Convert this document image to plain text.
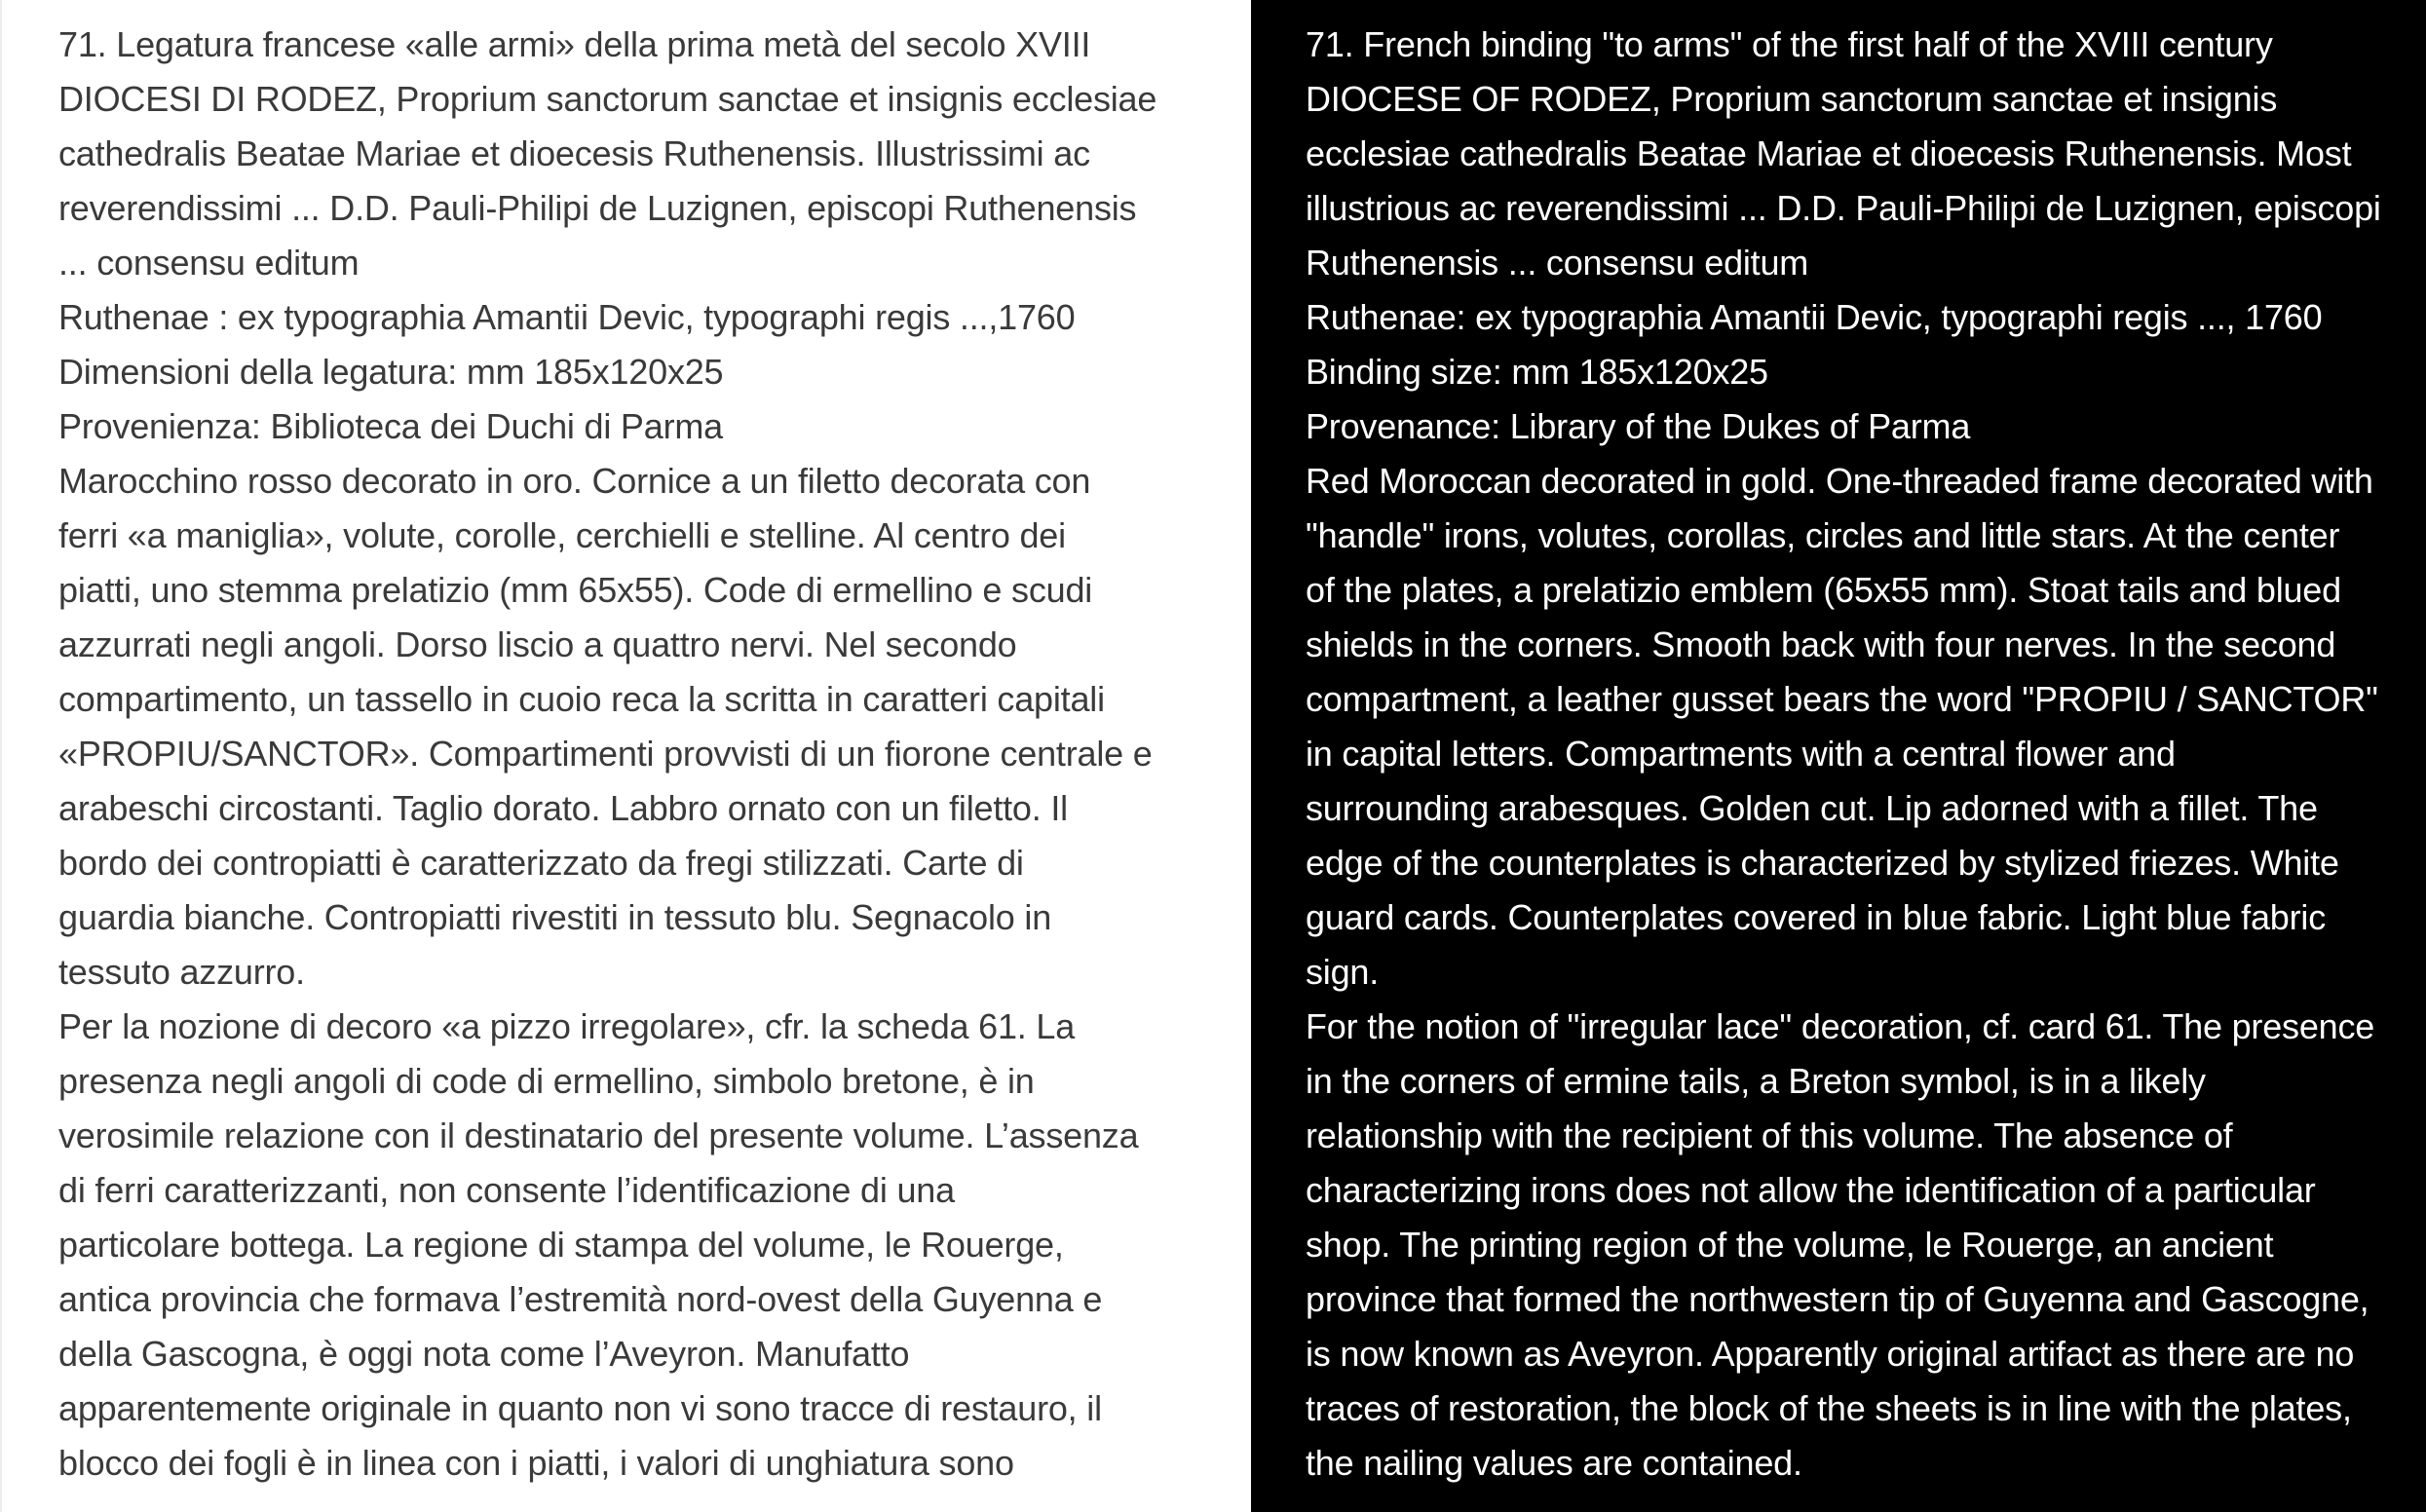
71. Legatura francese «alle armi» della prima metà del secolo XVIII
DIOCESI DI RODEZ, Proprium sanctorum sanctae et insignis ecclesiae
cathedralis Beatae Mariae et dioecesis Ruthenensis. Illustrissimi ac
reverendissimi ... D.D. Pauli-Philipi de Luzignen, episcopi Ruthenensis
... consensu editum
Ruthenae : ex typographia Amantii Devic, typographi regis ...,1760
Dimensioni della legatura: mm 185x120x25
Provenienza: Biblioteca dei Duchi di Parma
Marocchino rosso decorato in oro. Cornice a un filetto decorata con
ferri «a maniglia», volute, corolle, cerchielli e stelline. Al centro dei
piatti, uno stemma prelatizio (mm 65x55). Code di ermellino e scudi
azzurrati negli angoli. Dorso liscio a quattro nervi. Nel secondo
compartimento, un tassello in cuoio reca la scritta in caratteri capitali
«PROPIU/SANCTOR». Compartimenti provvisti di un fiorone centrale e
arabeschi circostanti. Taglio dorato. Labbro ornato con un filetto. Il
bordo dei contropiatti è caratterizzato da fregi stilizzati. Carte di
guardia bianche. Contropiatti rivestiti in tessuto blu. Segnacolo in
tessuto azzurro.
Per la nozione di decoro «a pizzo irregolare», cfr. la scheda 61. La
presenza negli angoli di code di ermellino, simbolo bretone, è in
verosimile relazione con il destinatario del presente volume. L’assenza
di ferri caratterizzanti, non consente l’identificazione di una
particolare bottega. La regione di stampa del volume, le Rouerge,
antica provincia che formava l’estremità nord-ovest della Guyenna e
della Gascogna, è oggi nota come l’Aveyron. Manufatto
apparentemente originale in quanto non vi sono tracce di restauro, il
blocco dei fogli è in linea con i piatti, i valori di unghiatura sono
71. French binding "to arms" of the first half of the XVIII century
DIOCESE OF RODEZ, Proprium sanctorum sanctae et insignis
ecclesiae cathedralis Beatae Mariae et dioecesis Ruthenensis. Most
illustrious ac reverendissimi ... D.D. Pauli-Philipi de Luzignen, episcopi
Ruthenensis ... consensu editum
Ruthenae: ex typographia Amantii Devic, typographi regis ..., 1760
Binding size: mm 185x120x25
Provenance: Library of the Dukes of Parma
Red Moroccan decorated in gold. One-threaded frame decorated with
"handle" irons, volutes, corollas, circles and little stars. At the center
of the plates, a prelatizio emblem (65x55 mm). Stoat tails and blued
shields in the corners. Smooth back with four nerves. In the second
compartment, a leather gusset bears the word "PROPIU / SANCTOR"
in capital letters. Compartments with a central flower and
surrounding arabesques. Golden cut. Lip adorned with a fillet. The
edge of the counterplates is characterized by stylized friezes. White
guard cards. Counterplates covered in blue fabric. Light blue fabric
sign.
For the notion of "irregular lace" decoration, cf. card 61. The presence
in the corners of ermine tails, a Breton symbol, is in a likely
relationship with the recipient of this volume. The absence of
characterizing irons does not allow the identification of a particular
shop. The printing region of the volume, le Rouerge, an ancient
province that formed the northwestern tip of Guyenna and Gascogne,
is now known as Aveyron. Apparently original artifact as there are no
traces of restoration, the block of the sheets is in line with the plates,
the nailing values are contained.
